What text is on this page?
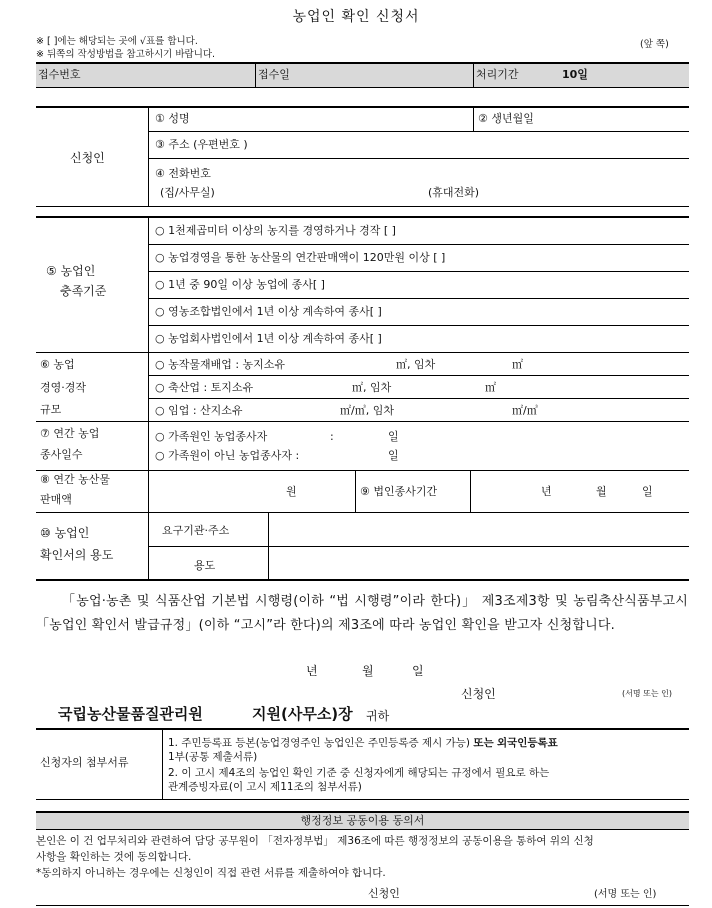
농업인 확인 신청서
※ [ ]에는 해당되는 곳에 √표를 합니다.
※ 뒤쪽의 작성방법을 참고하시기 바랍니다.
(앞 쪽)
접수번호	접수일	처리기간	10일
신청인
① 성명	② 생년월일
③ 주소 (우편번호 )
④ 전화번호
(집/사무실)	(휴대전화)
⑤ 농업인
충족기준
○ 1천제곱미터 이상의 농지를 경영하거나 경작 [ ]
○ 농업경영을 통한 농산물의 연간판매액이 120만원 이상 [ ]
○ 1년 중 90일 이상 농업에 종사[ ]
○ 영농조합법인에서 1년 이상 계속하여 종사[ ]
○ 농업회사법인에서 1년 이상 계속하여 종사[ ]
⑥ 농업
경영·경작
규모
○ 농작물재배업 : 농지소유	㎡, 임차	㎡
○ 축산업 : 토지소유	㎡, 임차	㎡
○ 임업 : 산지소유	㎡/㎥, 임차	㎡/㎥
⑦ 연간 농업
종사일수
○ 가족원인 농업종사자	:	일
○ 가족원이 아닌 농업종사자 :	일
⑧ 연간 농산물
판매액
원	⑨ 법인종사기간	년	월	일
⑩ 농업인
확인서의 용도
요구기관·주소
용도
「농업·농촌 및 식품산업 기본법 시행령(이하 “법 시행령”이라 한다)」 제3조제3항 및 농림축산식품부고시 「농업인 확인서 발급규정」(이하 “고시”라 한다)의 제3조에 따라 농업인 확인을 받고자 신청합니다.
년	월	일
신청인	(서명 또는 인)
국립농산물품질관리원	지원(사무소)장 귀하
신청자의 첨부서류
1. 주민등록표 등본(농업경영주인 농업인은 주민등록증 제시 가능) 또는 외국인등록표
1부(공통 제출서류)
2. 이 고시 제4조의 농업인 확인 기준 중 신청자에게 해당되는 규정에서 필요로 하는
관계증빙자료(이 고시 제11조의 첨부서류)
행정정보 공동이용 동의서
본인은 이 건 업무처리와 관련하여 담당 공무원이 「전자정부법」 제36조에 따른 행정정보의 공동이용을 통하여 위의 신청
사항을 확인하는 것에 동의합니다.
*동의하지 아니하는 경우에는 신청인이 직접 관련 서류를 제출하여야 합니다.
신청인	(서명 또는 인)
